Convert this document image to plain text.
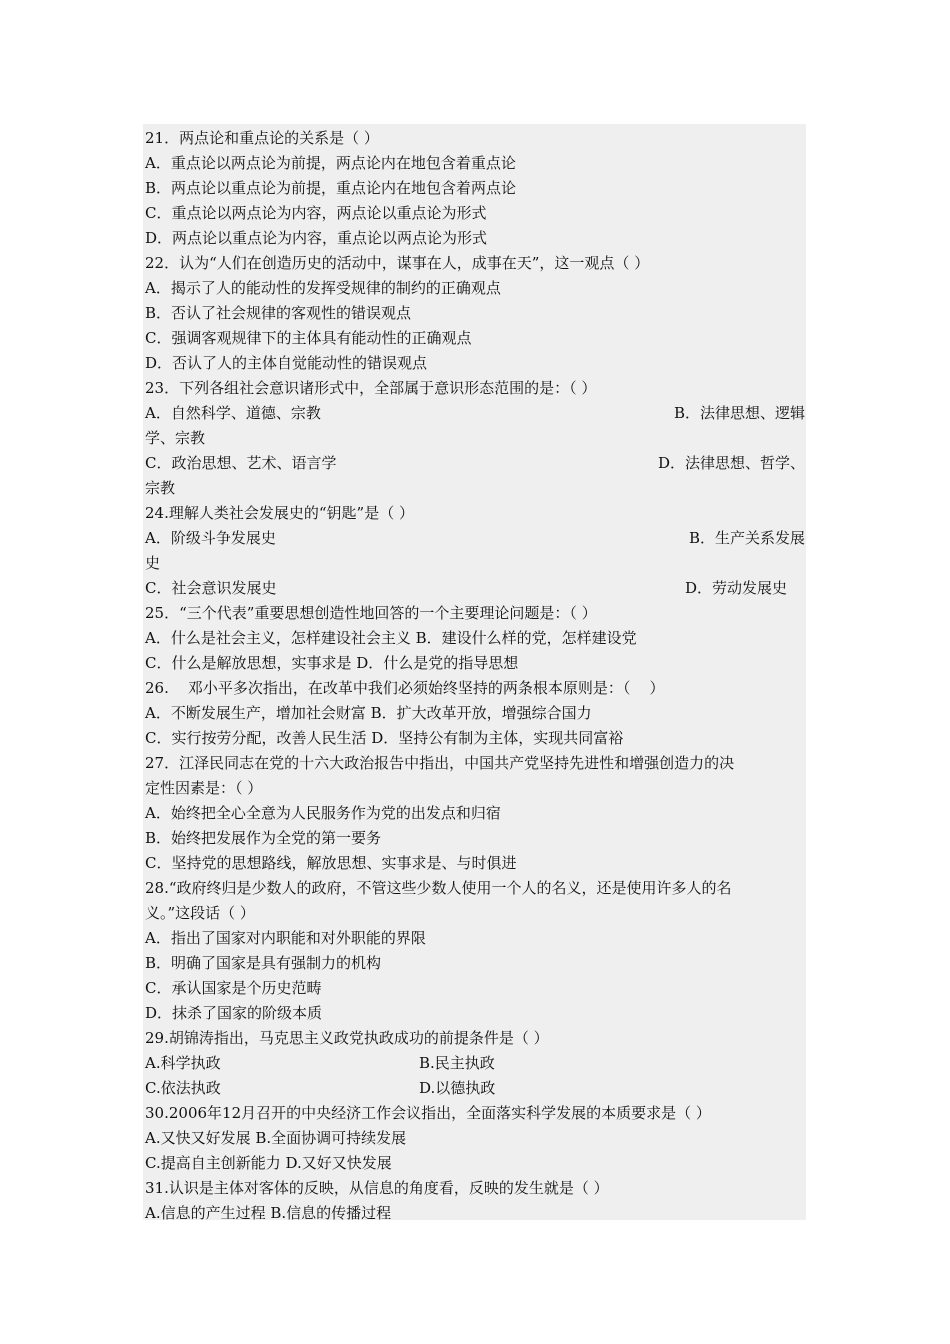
21．两点论和重点论的关系是（ ）
A．重点论以两点论为前提，两点论内在地包含着重点论
B．两点论以重点论为前提，重点论内在地包含着两点论
C．重点论以两点论为内容，两点论以重点论为形式
D．两点论以重点论为内容，重点论以两点论为形式
22．认为“人们在创造历史的活动中，谋事在人，成事在天”，这一观点（ ）
A．揭示了人的能动性的发挥受规律的制约的正确观点
B．否认了社会规律的客观性的错误观点
C．强调客观规律下的主体具有能动性的正确观点
D．否认了人的主体自觉能动性的错误观点
23．下列各组社会意识诸形式中，全部属于意识形态范围的是：（ ）
A．自然科学、道德、宗教	B．法律思想、逻辑
学、宗教
C．政治思想、艺术、语言学	D．法律思想、哲学、
宗教
24.理解人类社会发展史的“钥匙”是（ ）
A．阶级斗争发展史	B．生产关系发展
史
C．社会意识发展史	D．劳动发展史
25．“三个代表”重要思想创造性地回答的一个主要理论问题是：（ ）
A．什么是社会主义，怎样建设社会主义 B．建设什么样的党，怎样建设党
C．什么是解放思想，实事求是 D．什么是党的指导思想
26.    邓小平多次指出，在改革中我们必须始终坚持的两条根本原则是：（    ）
A．不断发展生产，增加社会财富 B．扩大改革开放，增强综合国力
C．实行按劳分配，改善人民生活 D．坚持公有制为主体，实现共同富裕
27．江泽民同志在党的十六大政治报告中指出，中国共产党坚持先进性和增强创造力的决
定性因素是：（ ）
A．始终把全心全意为人民服务作为党的出发点和归宿
B．始终把发展作为全党的第一要务
C．坚持党的思想路线，解放思想、实事求是、与时俱进
28.“政府终归是少数人的政府，不管这些少数人使用一个人的名义，还是使用许多人的名
义。”这段话（ ）
A．指出了国家对内职能和对外职能的界限
B．明确了国家是具有强制力的机构
C．承认国家是个历史范畴
D．抹杀了国家的阶级本质
29.胡锦涛指出，马克思主义政党执政成功的前提条件是（ ）
A.科学执政	B.民主执政
C.依法执政	D.以德执政
30.2006年12月召开的中央经济工作会议指出，全面落实科学发展的本质要求是（ ）
A.又快又好发展 B.全面协调可持续发展
C.提高自主创新能力 D.又好又快发展
31.认识是主体对客体的反映，从信息的角度看，反映的发生就是（ ）
A.信息的产生过程 B.信息的传播过程
